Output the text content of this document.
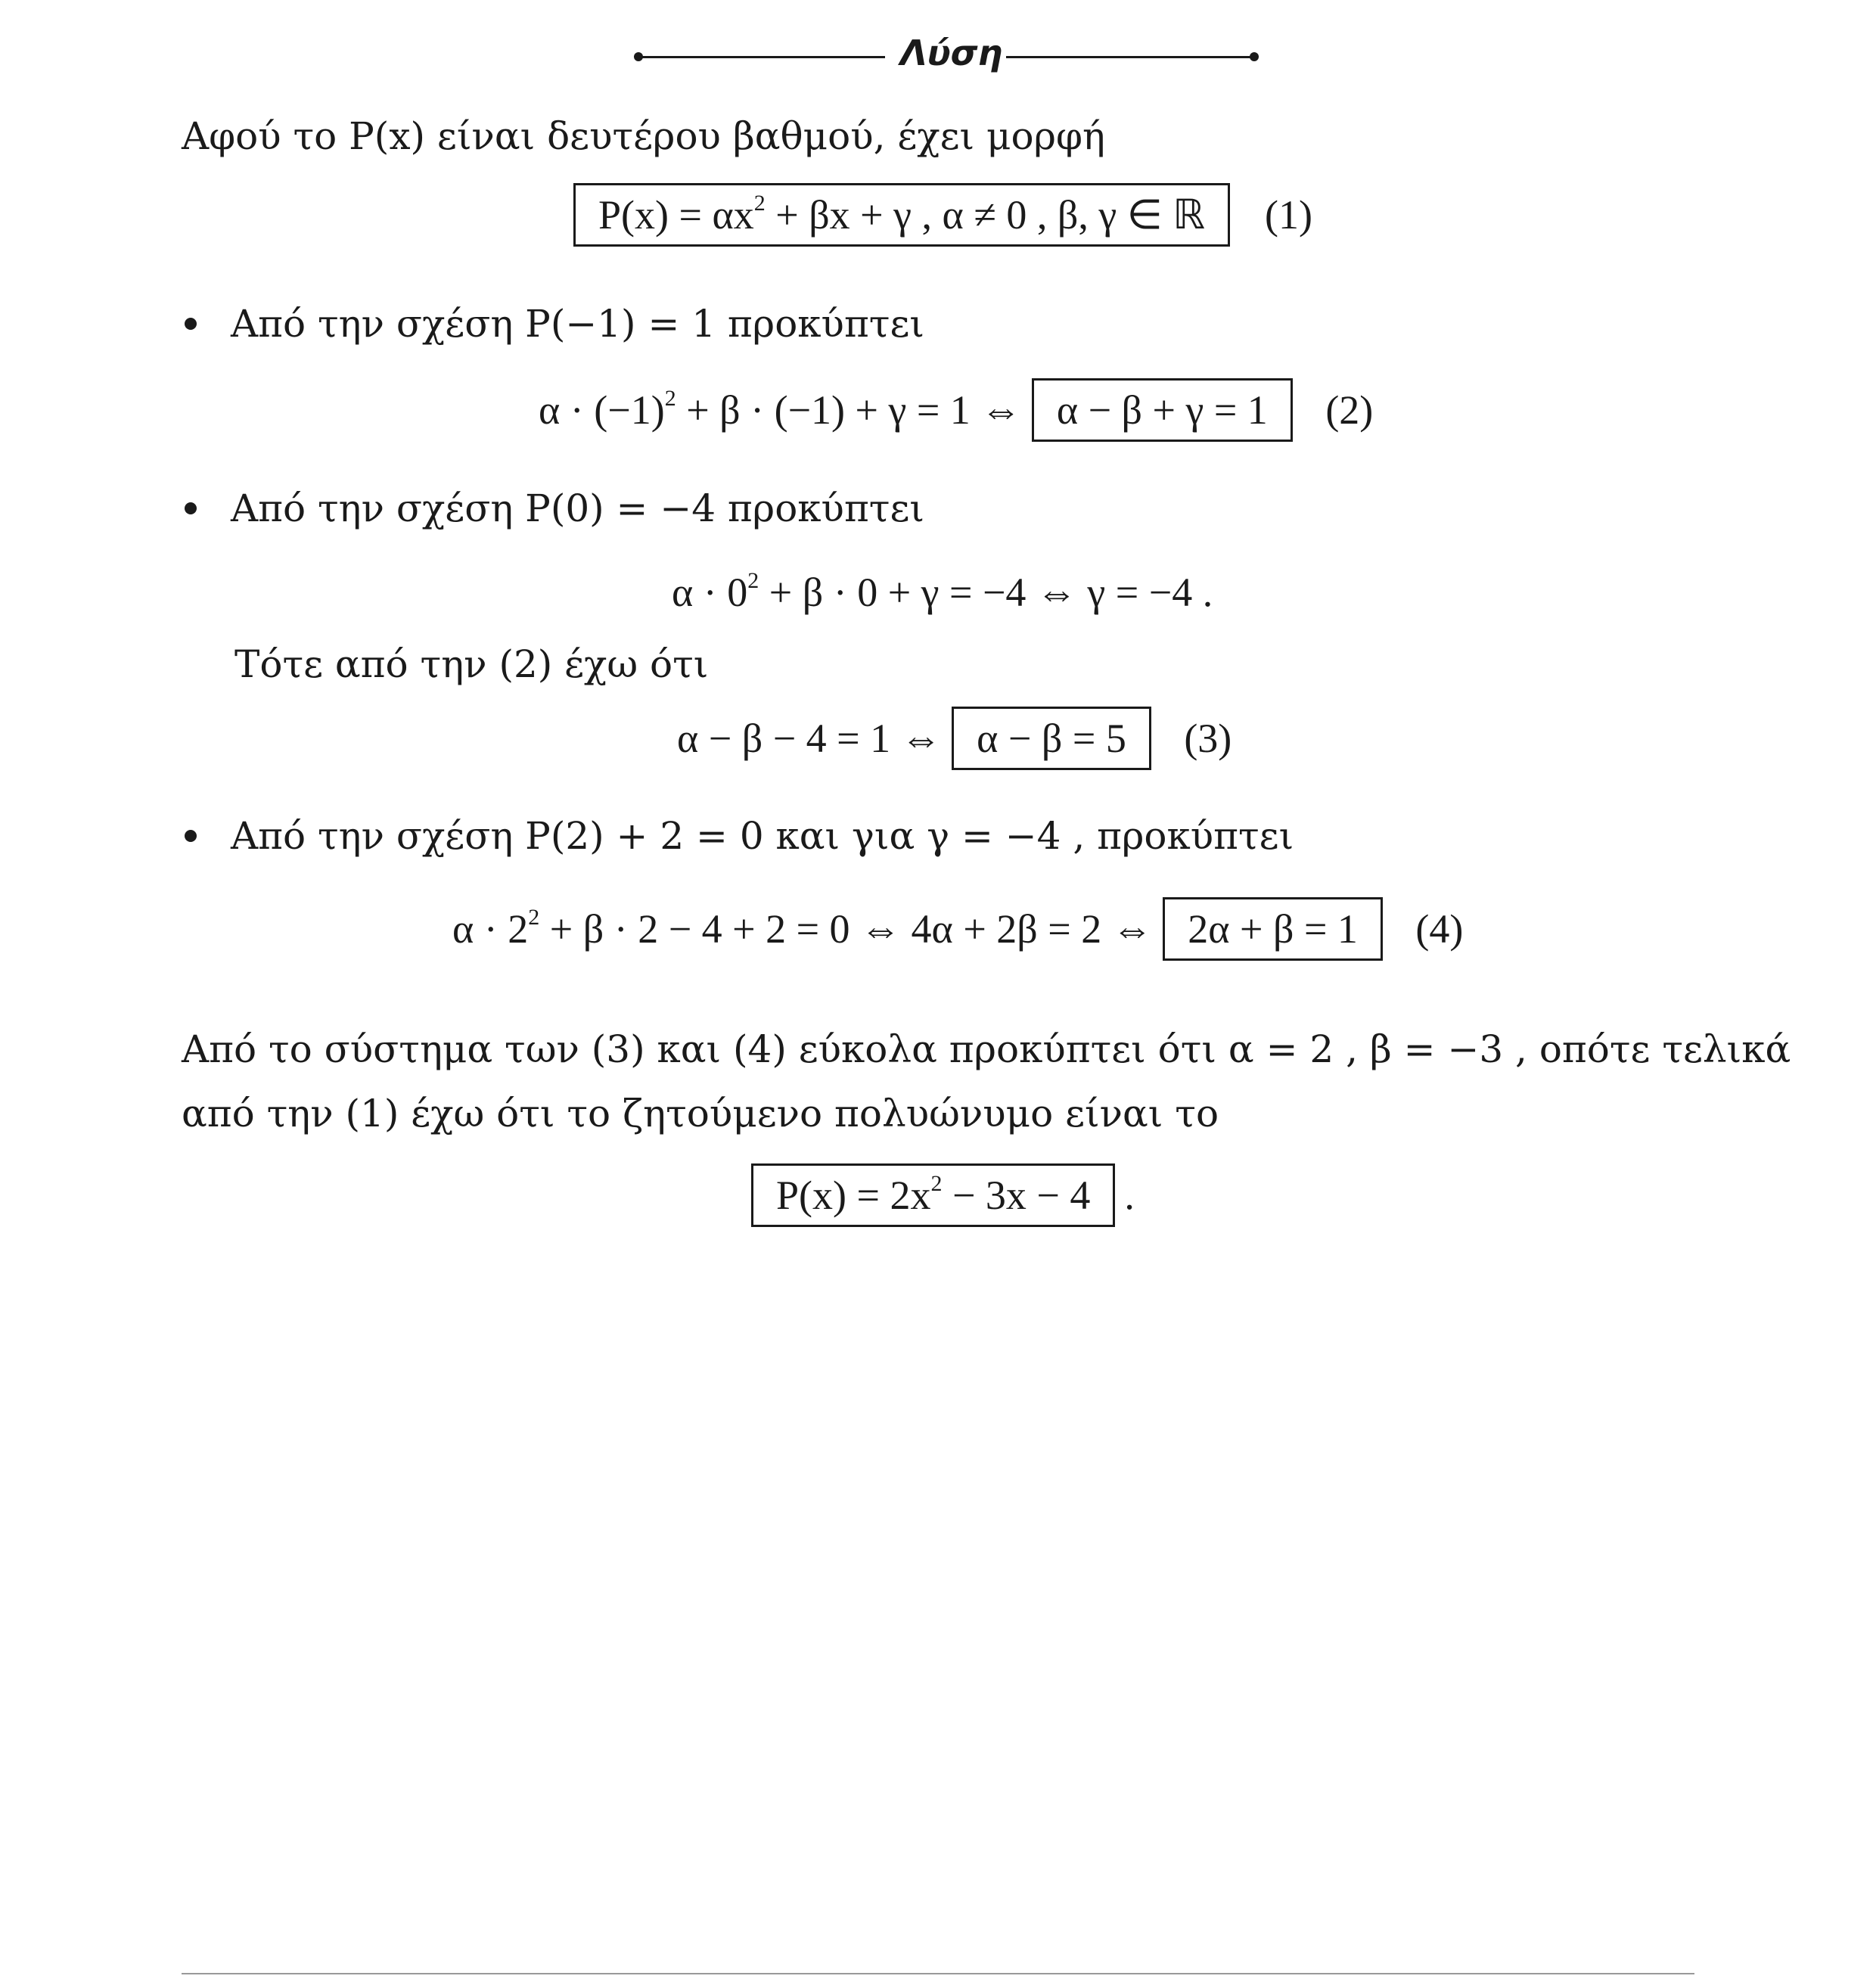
Λύση
Αφού το P(x) είναι δευτέρου βαθμού, έχει μορφή
$P(x) = \alpha x^2 + \beta x + \gamma$ , α ≠ 0 , β, γ ∈ ℝ (1)
Από την σχέση P(−1) = 1 προκύπτει
$\alpha \cdot (-1)^2 + \beta \cdot (-1) + \gamma = 1$ ⇔ α − β + γ = 1 (2)
Από την σχέση P(0) = −4 προκύπτει
$\alpha \cdot 0^2 + \beta \cdot 0 + \gamma = -4$ ⇔ γ = −4 .
Τότε από την (2) έχω ότι
α − β − 4 = 1 ⇔ α − β = 5 (3)
Από την σχέση P(2) + 2 = 0 και για γ = −4 , προκύπτει
$\alpha \cdot 2^2 + \beta \cdot 2 - 4 + 2 = 0$ ⇔ 4α + 2β = 2 ⇔ 2α + β = 1 (4)
Από το σύστημα των (3) και (4) εύκολα προκύπτει ότι α = 2 , β = −3 , οπότε τελικά
από την (1) έχω ότι το ζητούμενο πολυώνυμο είναι το
$P(x) = 2x^2 - 3x - 4$ .
